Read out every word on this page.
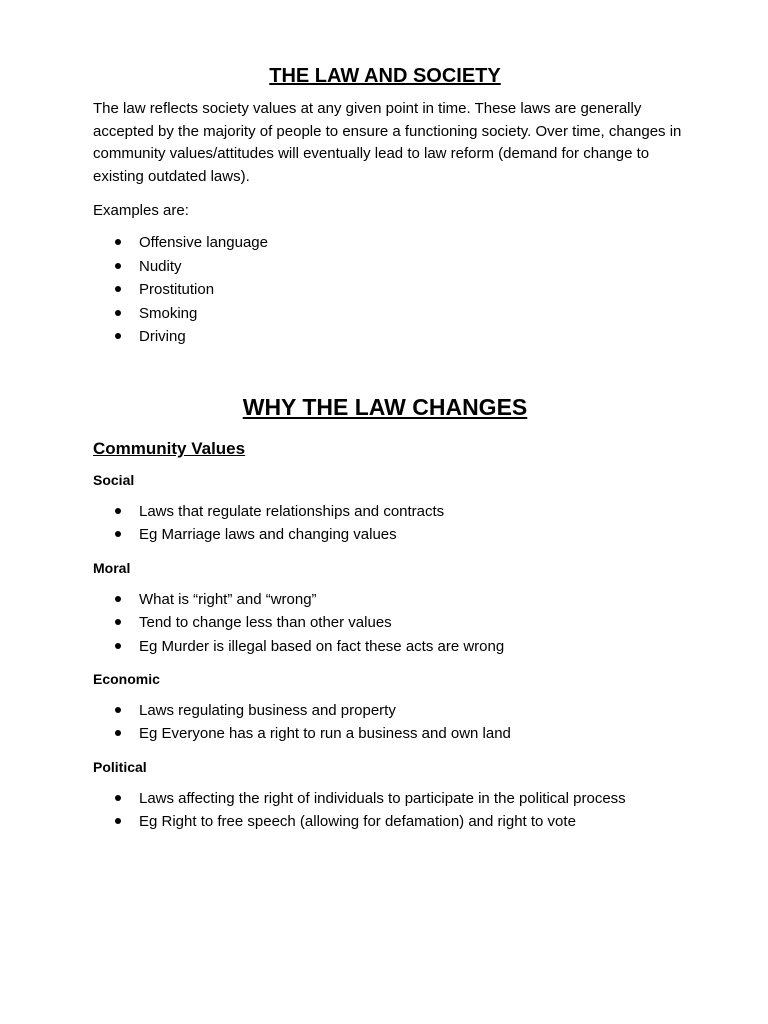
THE LAW AND SOCIETY

The law reflects society values at any given point in time. These laws are generally accepted by the majority of people to ensure a functioning society. Over time, changes in community values/attitudes will eventually lead to law reform (demand for change to existing outdated laws).

Examples are:

Offensive language
Nudity
Prostitution
Smoking
Driving
WHY THE LAW CHANGES
Community Values

Social

Laws that regulate relationships and contracts
Eg Marriage laws and changing values

Moral

What is “right” and “wrong”
Tend to change less than other values
Eg Murder is illegal based on fact these acts are wrong

Economic

Laws regulating business and property
Eg Everyone has a right to run a business and own land

Political

Laws affecting the right of individuals to participate in the political process
Eg Right to free speech (allowing for defamation) and right to vote
